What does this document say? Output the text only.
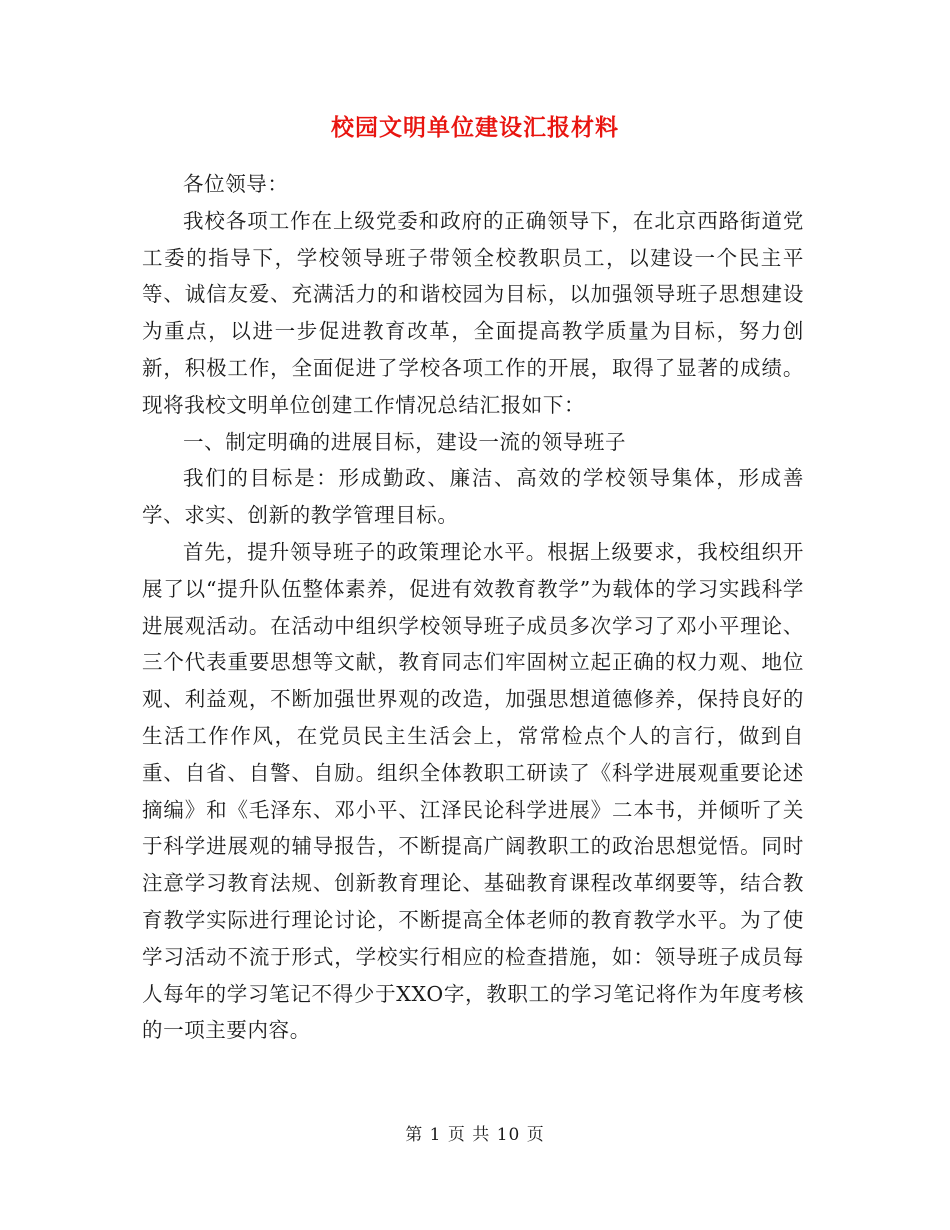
校园文明单位建设汇报材料

各位领导：

我校各项工作在上级党委和政府的正确领导下，在北京西路街道党工委的指导下，学校领导班子带领全校教职员工，以建设一个民主平等、诚信友爱、充满活力的和谐校园为目标，以加强领导班子思想建设为重点，以进一步促进教育改革，全面提高教学质量为目标，努力创新，积极工作，全面促进了学校各项工作的开展，取得了显著的成绩。现将我校文明单位创建工作情况总结汇报如下：

一、制定明确的进展目标，建设一流的领导班子

我们的目标是：形成勤政、廉洁、高效的学校领导集体，形成善学、求实、创新的教学管理目标。

首先，提升领导班子的政策理论水平。根据上级要求，我校组织开展了以“提升队伍整体素养，促进有效教育教学”为载体的学习实践科学进展观活动。在活动中组织学校领导班子成员多次学习了邓小平理论、三个代表重要思想等文献，教育同志们牢固树立起正确的权力观、地位观、利益观，不断加强世界观的改造，加强思想道德修养，保持良好的生活工作作风，在党员民主生活会上，常常检点个人的言行，做到自重、自省、自警、自励。组织全体教职工研读了《科学进展观重要论述摘编》和《毛泽东、邓小平、江泽民论科学进展》二本书，并倾听了关于科学进展观的辅导报告，不断提高广阔教职工的政治思想觉悟。同时注意学习教育法规、创新教育理论、基础教育课程改革纲要等，结合教育教学实际进行理论讨论，不断提高全体老师的教育教学水平。为了使学习活动不流于形式，学校实行相应的检查措施，如：领导班子成员每人每年的学习笔记不得少于XXO字，教职工的学习笔记将作为年度考核的一项主要内容。

第 1 页 共 10 页
